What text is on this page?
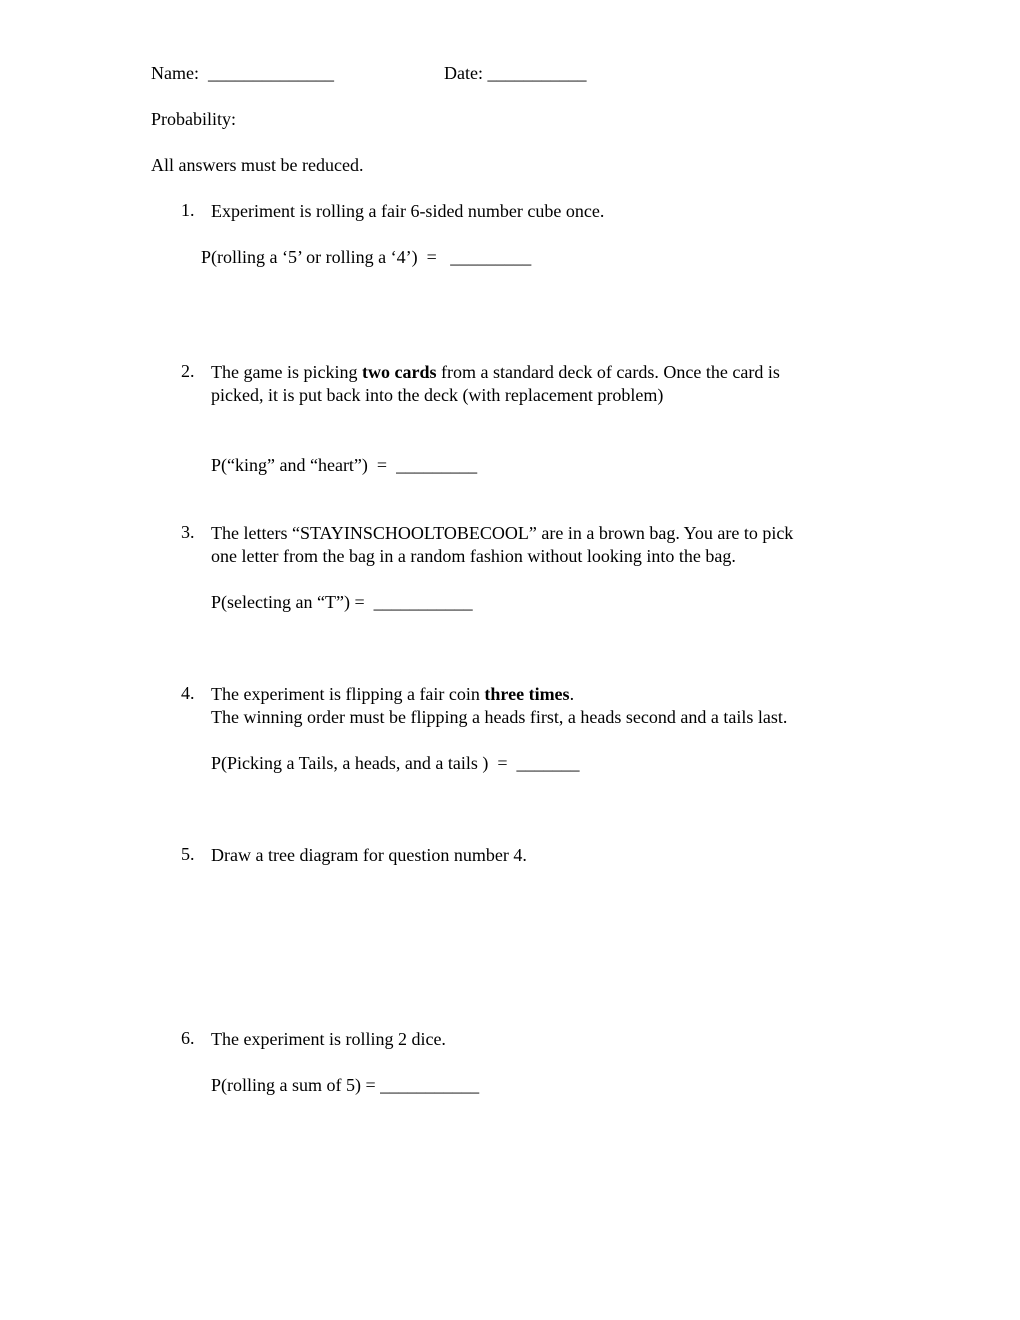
Name: ______________	Date: ___________
Probability:
All answers must be reduced.
1. Experiment is rolling a fair 6-sided number cube once.
P(rolling a ‘5’ or rolling a ‘4’)  = _________
2. The game is picking two cards from a standard deck of cards. Once the card is
picked, it is put back into the deck (with replacement problem)
P(“king” and “heart”)  = _________
3. The letters “STAYINSCHOOLTOBECOOL” are in a brown bag. You are to pick
one letter from the bag in a random fashion without looking into the bag.
P(selecting an “T”) = ___________
4. The experiment is flipping a fair coin three times.
The winning order must be flipping a heads first, a heads second and a tails last.
P(Picking a Tails, a heads, and a tails )  = _______
5. Draw a tree diagram for question number 4.
6. The experiment is rolling 2 dice.
P(rolling a sum of 5) = ___________
